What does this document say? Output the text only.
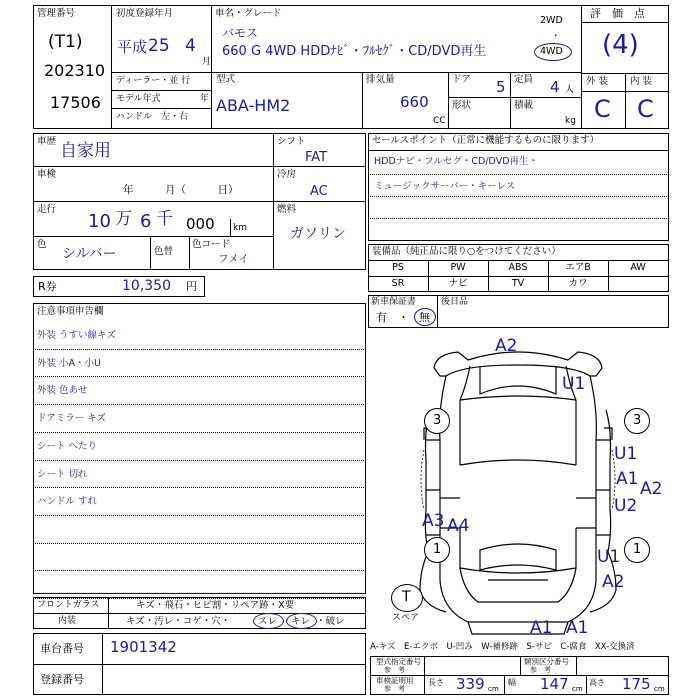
管理番号
(T1)
202310
17506
初度登録年月
平成 25 4
月
ディーラー・並 行
モデル年式	年
ハンドル　左・右
車名・グレード
バモス
660 G 4WD HDDﾅﾋﾞ・ﾌﾙｾｸﾞ・CD/DVD再生
2WD
・
4WD
型式
ABA-HM2
排気量
660
CC
ドア 5
形状
定員 4 人
積載
kg
評　価　点
(4)
外 装 内 装
C C
車歴 自家用
車検
年　　　月（　　　日）
走行
10 万 6 千 000 km
色
シルバー	色替
色コード
フメイ
シフト
FAT
冷房
AC
燃料
ガソリン
セールスポイント（正常に機能するものに限ります）
HDDナビ・フルセグ・CD/DVD再生・
ミュージックサーバー・キーレス
装備品（純正品に限り○をつけてください）
PS	PW	ABS	エアB	AW
SR	ナビ	TV	カワ
新車保証書
有　・ 無
後日品
R券	10,350 円
注意事項申告欄
外装 うすい線キズ
外装 小A・小U
外装 色あせ
ドアミラー キズ
シート へたり
シート 切れ
ハンドル すれ
フロントガラス	キズ・飛石・ヒビ割・リペア跡・X要
内装	キズ・汚レ・コゲ・穴・	スレ ・ キレ ・破レ
車台番号 1901342
登録番号
A2
U1
U1
A1 A2
U2
A3 A4
U1
A2
A1 A1
3	3
1	1
T
スペア
A-キズ　E-エクボ　U-凹み　W-補修跡　S-サビ　C-腐食　XX-交換済
型式指定番号
参　考
類別区分番号
参　考
車検証明用
参　考
長さ 339 cm
幅 147 cm
高さ 175 cm
